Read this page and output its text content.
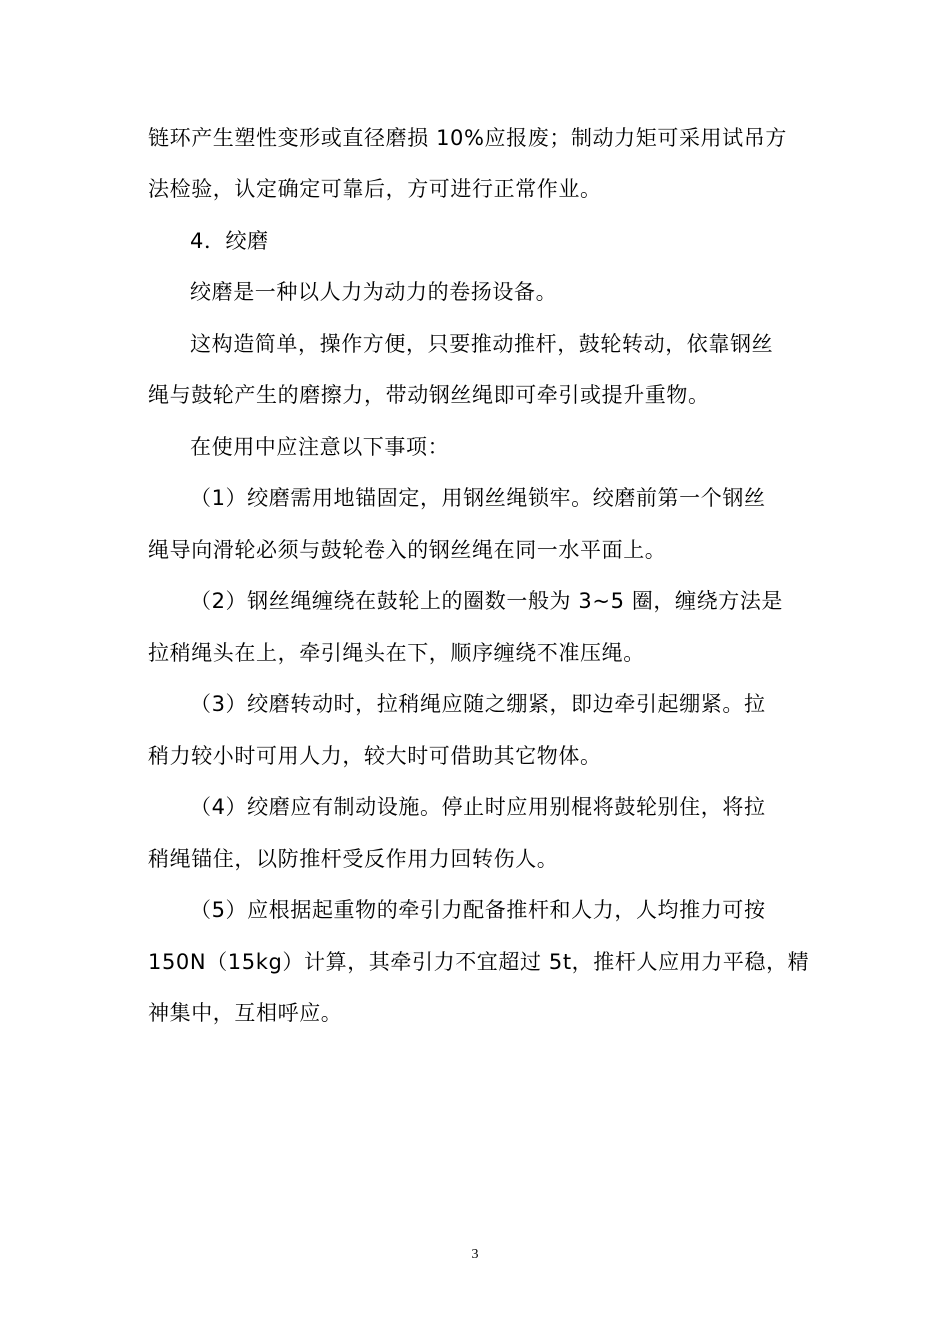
链环产生塑性变形或直径磨损 10%应报废；制动力矩可采用试吊方
法检验，认定确定可靠后，方可进行正常作业。
4．绞磨
绞磨是一种以人力为动力的卷扬设备。
这构造简单，操作方便，只要推动推杆，鼓轮转动，依靠钢丝
绳与鼓轮产生的磨擦力，带动钢丝绳即可牵引或提升重物。
在使用中应注意以下事项：
（1）绞磨需用地锚固定，用钢丝绳锁牢。绞磨前第一个钢丝
绳导向滑轮必须与鼓轮卷入的钢丝绳在同一水平面上。
（2）钢丝绳缠绕在鼓轮上的圈数一般为 3~5 圈，缠绕方法是
拉稍绳头在上，牵引绳头在下，顺序缠绕不准压绳。
（3）绞磨转动时，拉稍绳应随之绷紧，即边牵引起绷紧。拉
稍力较小时可用人力，较大时可借助其它物体。
（4）绞磨应有制动设施。停止时应用别棍将鼓轮别住，将拉
稍绳锚住，以防推杆受反作用力回转伤人。
（5）应根据起重物的牵引力配备推杆和人力，人均推力可按
150N（15kg）计算，其牵引力不宜超过 5t，推杆人应用力平稳，精
神集中，互相呼应。
3
